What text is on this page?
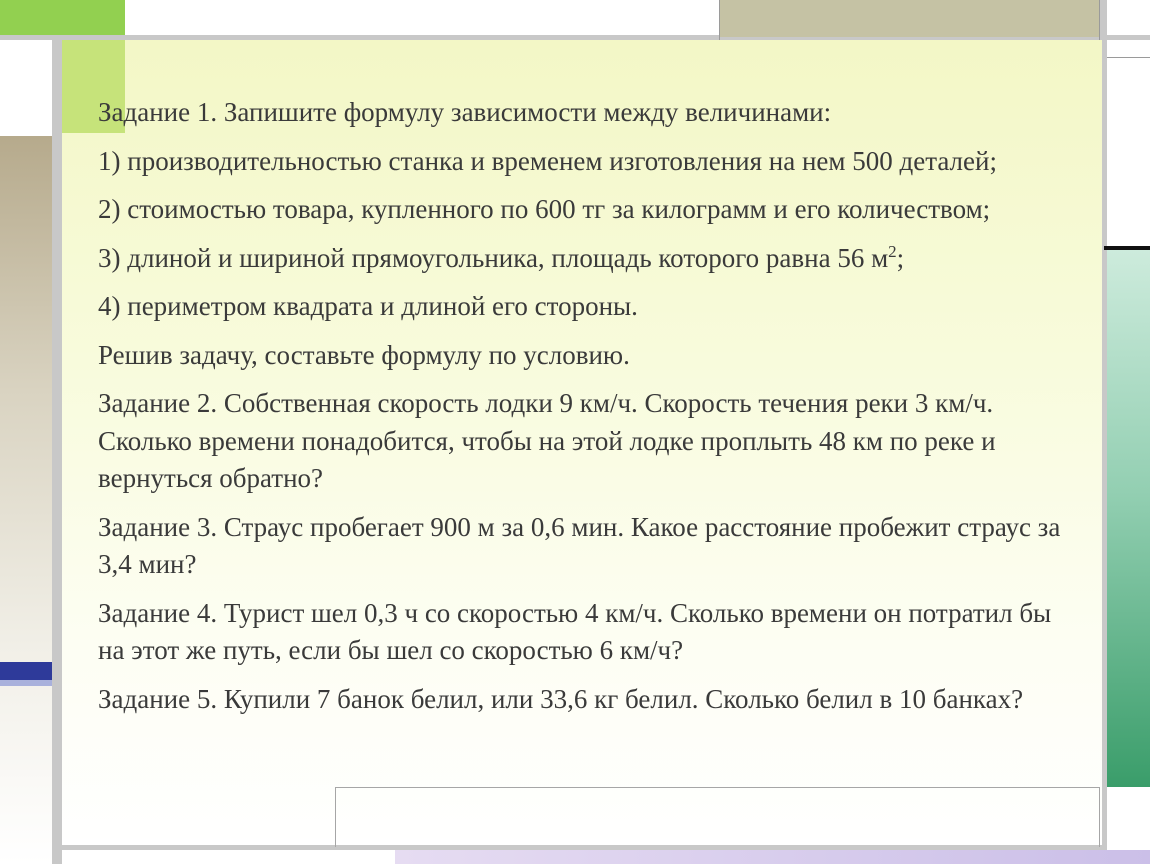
Задание 1. Запишите формулу зависимости между величинами:

1) производительностью станка и временем изготовления на нем 500 деталей;

2) стоимостью товара, купленного по 600 тг за килограмм и его количеством;

3) длиной и шириной прямоугольника, площадь которого равна 56 $м^2$;

4) периметром квадрата и длиной его стороны.

Решив задачу, составьте формулу по условию.

Задание 2. Собственная скорость лодки 9 км/ч. Скорость течения реки 3 км/ч. Сколько времени понадобится, чтобы на этой лодке проплыть 48 км по реке и вернуться обратно?

Задание 3. Страус пробегает 900 м за 0,6 мин. Какое расстояние пробежит страус за 3,4 мин?

Задание 4. Турист шел 0,3 ч со скоростью 4 км/ч. Сколько времени он потратил бы на этот же путь, если бы шел со скоростью 6 км/ч?

Задание 5. Купили 7 банок белил, или 33,6 кг белил. Сколько белил в 10 банках?
